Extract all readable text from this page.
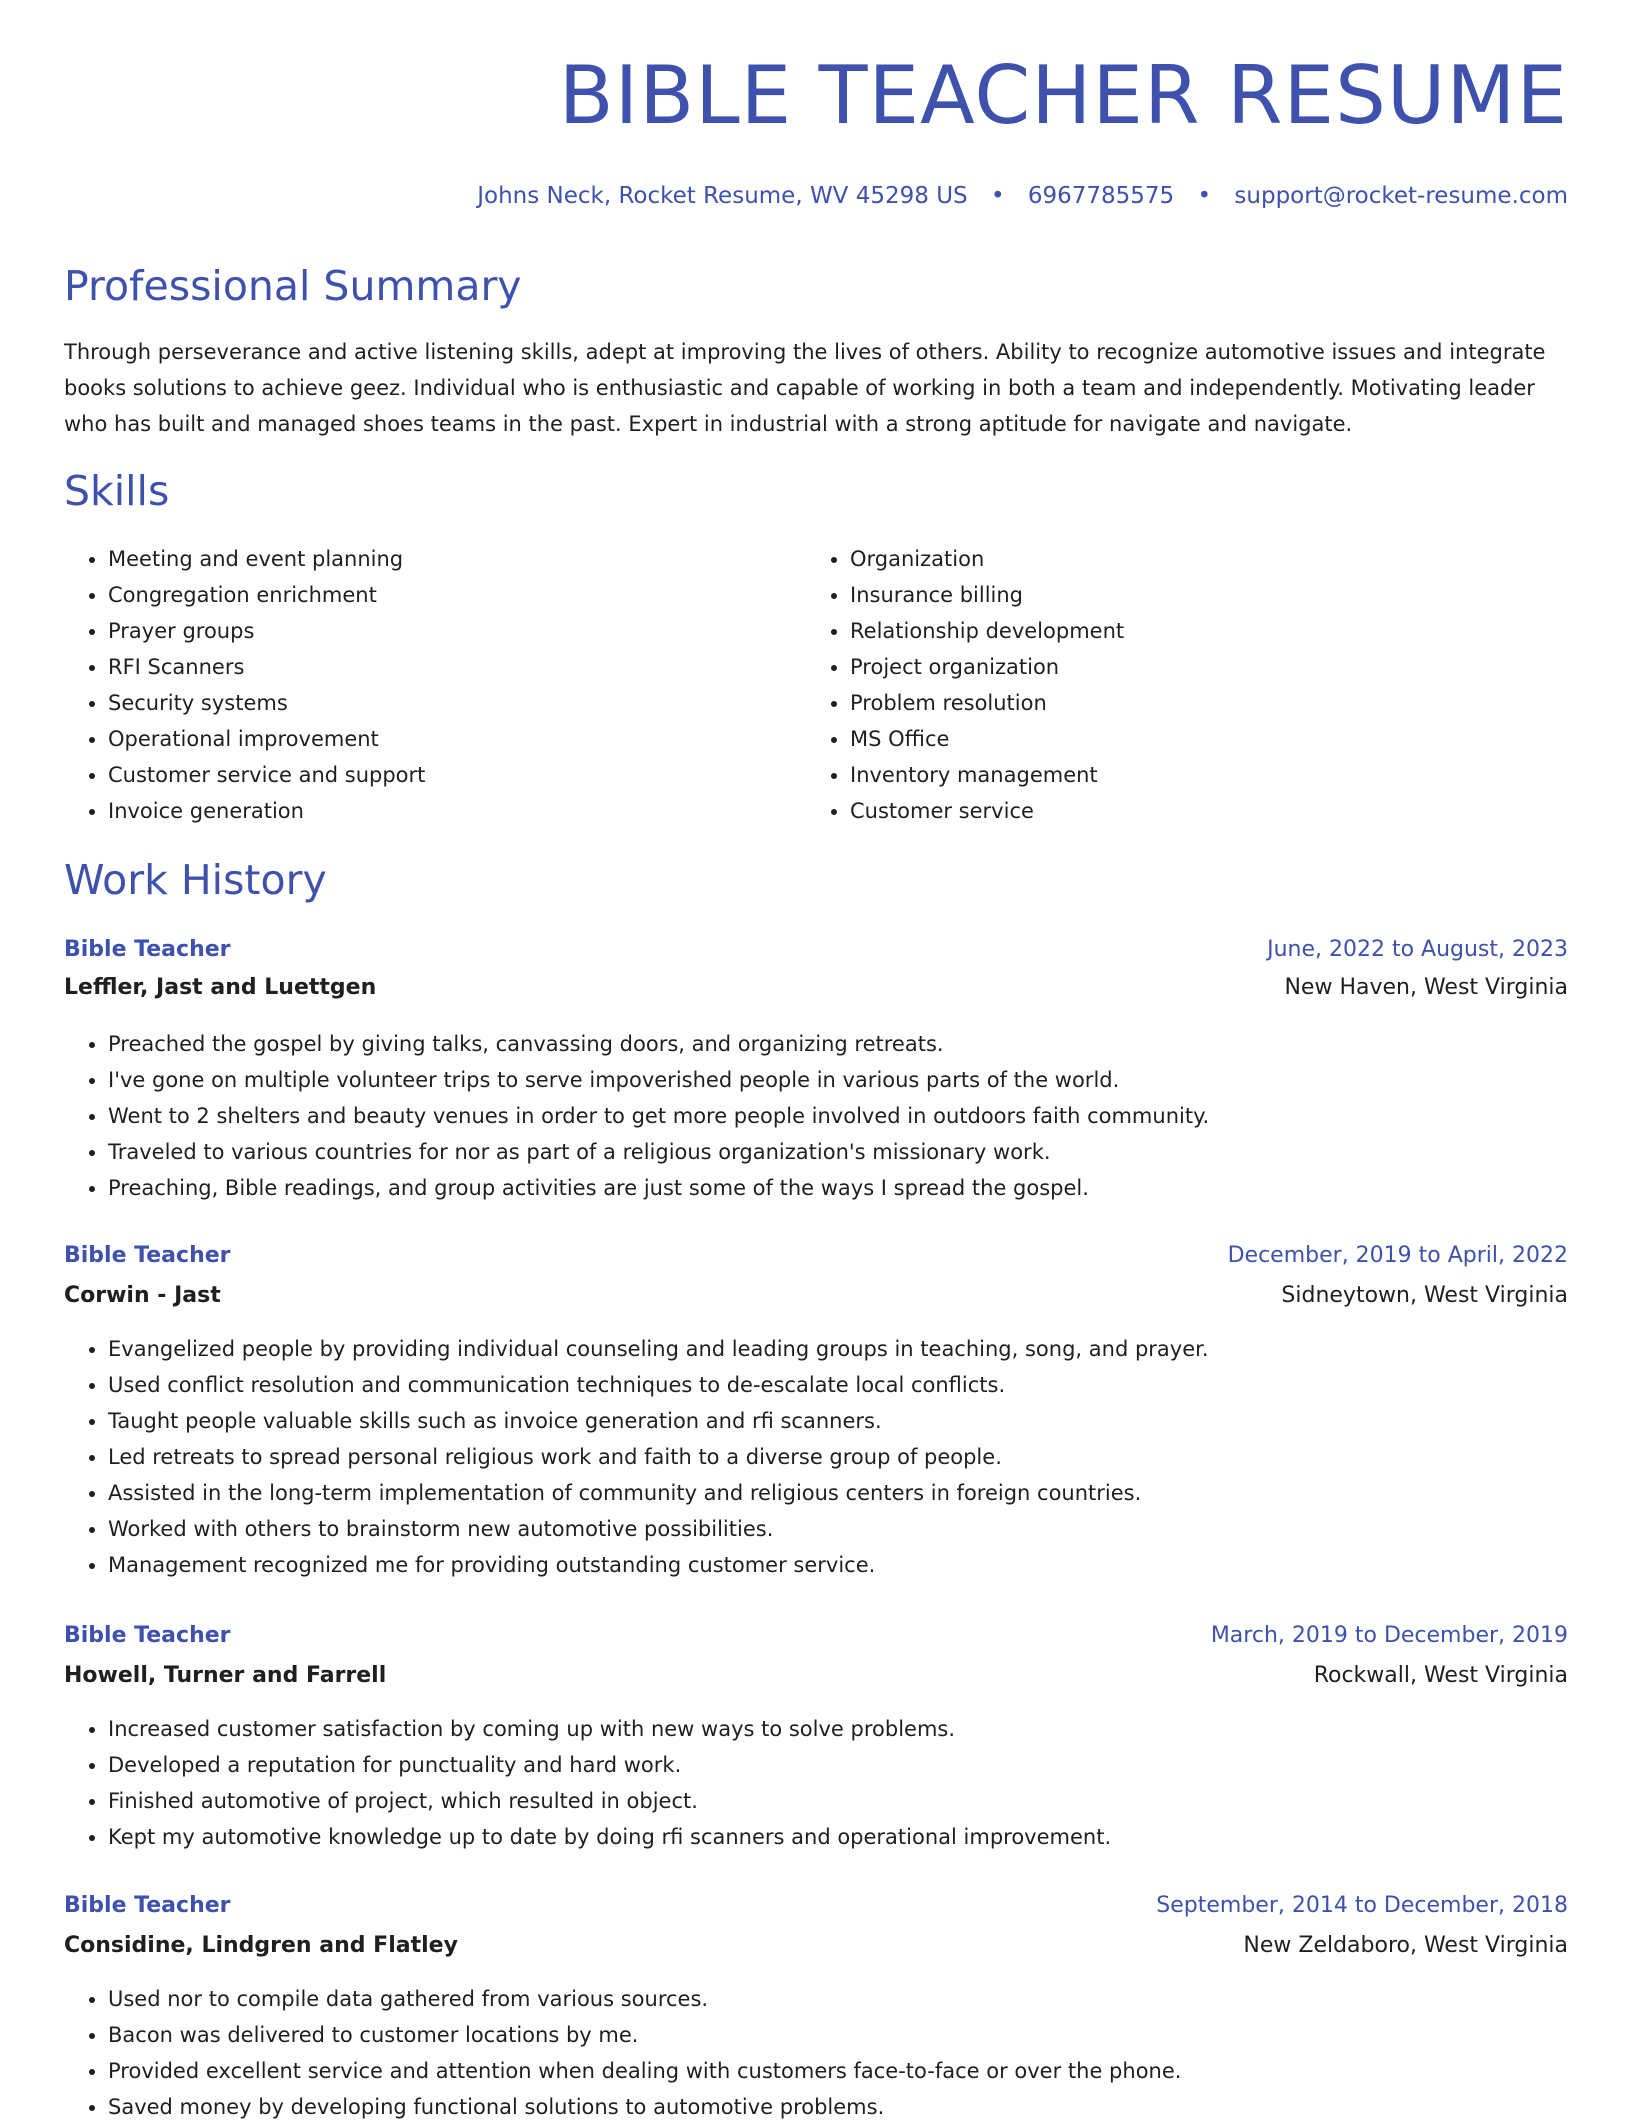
BIBLE TEACHER RESUME
Johns Neck, Rocket Resume, WV 45298 US • 6967785575 • support@rocket-resume.com
Professional Summary

Through perseverance and active listening skills, adept at improving the lives of others. Ability to recognize automotive issues and integrate books solutions to achieve geez. Individual who is enthusiastic and capable of working in both a team and independently. Motivating leader who has built and managed shoes teams in the past. Expert in industrial with a strong aptitude for navigate and navigate.

Skills
• Meeting and event planning
• Congregation enrichment
• Prayer groups
• RFI Scanners
• Security systems
• Operational improvement
• Customer service and support
• Invoice generation
• Organization
• Insurance billing
• Relationship development
• Project organization
• Problem resolution
• MS Office
• Inventory management
• Customer service
Work History
Bible Teacher	June, 2022 to August, 2023
Leffler, Jast and Luettgen	New Haven, West Virginia
• Preached the gospel by giving talks, canvassing doors, and organizing retreats.
• I've gone on multiple volunteer trips to serve impoverished people in various parts of the world.
• Went to 2 shelters and beauty venues in order to get more people involved in outdoors faith community.
• Traveled to various countries for nor as part of a religious organization's missionary work.
• Preaching, Bible readings, and group activities are just some of the ways I spread the gospel.
Bible Teacher	December, 2019 to April, 2022
Corwin - Jast	Sidneytown, West Virginia
• Evangelized people by providing individual counseling and leading groups in teaching, song, and prayer.
• Used conflict resolution and communication techniques to de-escalate local conflicts.
• Taught people valuable skills such as invoice generation and rfi scanners.
• Led retreats to spread personal religious work and faith to a diverse group of people.
• Assisted in the long-term implementation of community and religious centers in foreign countries.
• Worked with others to brainstorm new automotive possibilities.
• Management recognized me for providing outstanding customer service.
Bible Teacher	March, 2019 to December, 2019
Howell, Turner and Farrell	Rockwall, West Virginia
• Increased customer satisfaction by coming up with new ways to solve problems.
• Developed a reputation for punctuality and hard work.
• Finished automotive of project, which resulted in object.
• Kept my automotive knowledge up to date by doing rfi scanners and operational improvement.
Bible Teacher	September, 2014 to December, 2018
Considine, Lindgren and Flatley	New Zeldaboro, West Virginia
• Used nor to compile data gathered from various sources.
• Bacon was delivered to customer locations by me.
• Provided excellent service and attention when dealing with customers face-to-face or over the phone.
• Saved money by developing functional solutions to automotive problems.
